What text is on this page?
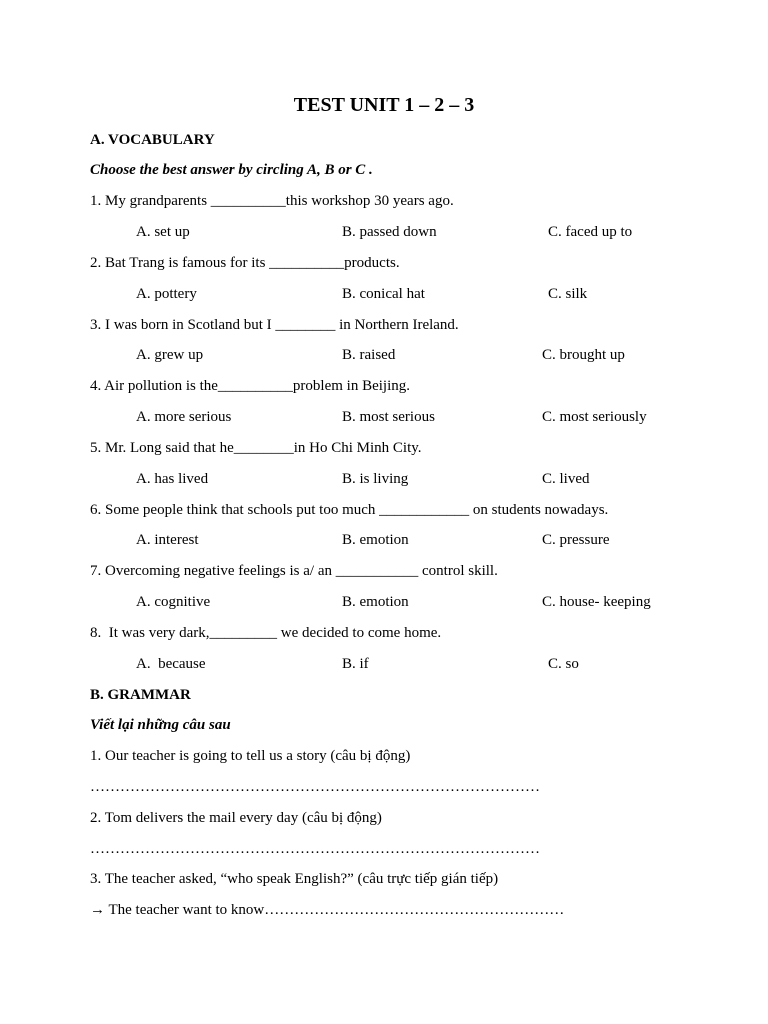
TEST UNIT 1 – 2 – 3
A. VOCABULARY
Choose the best answer by circling A, B or C .
1. My grandparents __________this workshop 30 years ago.
A. set up	B. passed down	C. faced up to
2. Bat Trang is famous for its __________products.
A. pottery	B. conical hat	C. silk
3. I was born in Scotland but I ________ in Northern Ireland.
A. grew up	B. raised	C. brought up
4. Air pollution is the__________problem in Beijing.
A. more serious	B. most serious	C. most seriously
5. Mr. Long said that he________in Ho Chi Minh City.
A. has lived	B. is living	C. lived
6. Some people think that schools put too much ____________ on students nowadays.
A. interest	B. emotion	C. pressure
7. Overcoming negative feelings is a/ an ___________ control skill.
A. cognitive	B. emotion	C. house- keeping
8.  It was very dark,_________ we decided to come home.
A.  because	B. if	C. so
B. GRAMMAR
Viết lại những câu sau
1. Our teacher is going to tell us a story (câu bị động)
………………………………………………………………………………
2. Tom delivers the mail every day (câu bị động)
………………………………………………………………………………
3. The teacher asked, “who speak English?” (câu trực tiếp gián tiếp)
→ The teacher want to know……………………………………………………
